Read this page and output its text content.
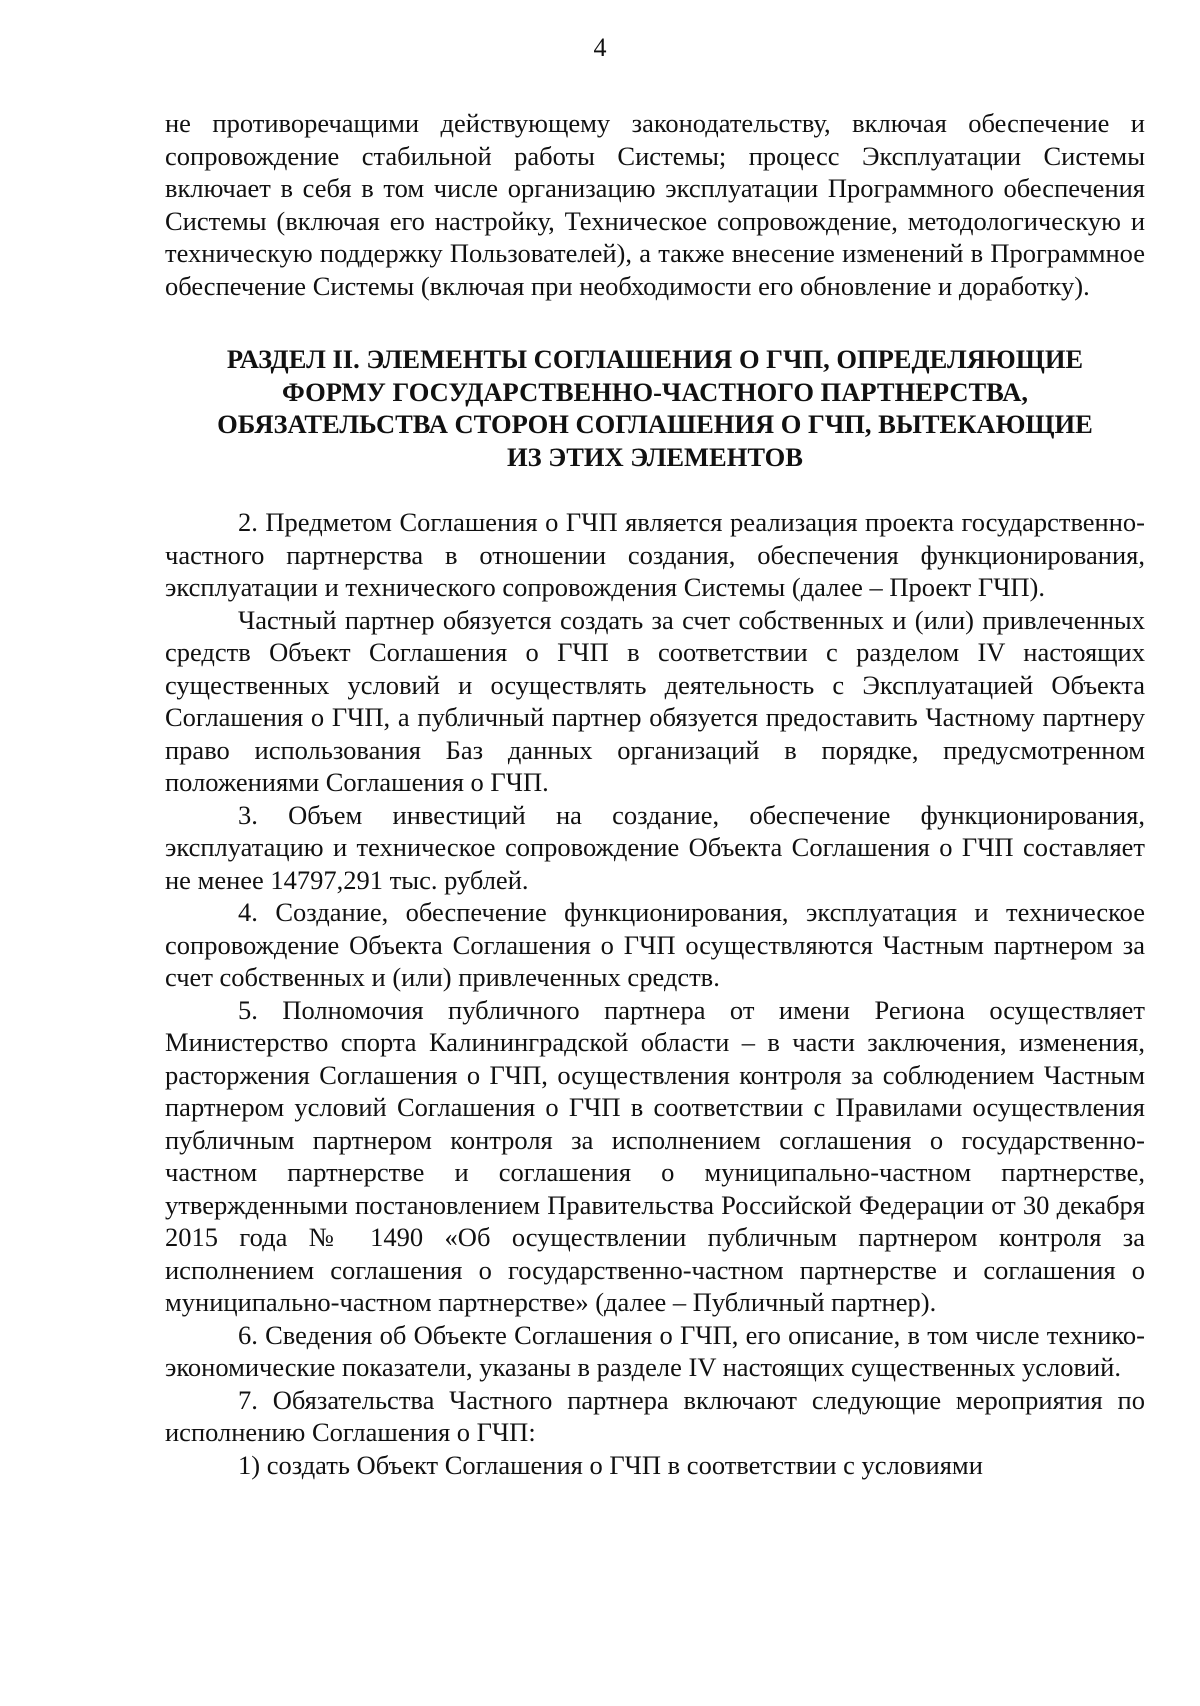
4

не противоречащими действующему законодательству, включая обеспечение и сопровождение стабильной работы Системы; процесс Эксплуатации Системы включает в себя в том числе организацию эксплуатации Программного обеспечения Системы (включая его настройку, Техническое сопровождение, методологическую и техническую поддержку Пользователей), а также внесение изменений в Программное обеспечение Системы (включая при необходимости его обновление и доработку).

РАЗДЕЛ II. ЭЛЕМЕНТЫ СОГЛАШЕНИЯ О ГЧП, ОПРЕДЕЛЯЮЩИЕ
ФОРМУ ГОСУДАРСТВЕННО-ЧАСТНОГО ПАРТНЕРСТВА,
ОБЯЗАТЕЛЬСТВА СТОРОН СОГЛАШЕНИЯ О ГЧП, ВЫТЕКАЮЩИЕ
ИЗ ЭТИХ ЭЛЕМЕНТОВ

2. Предметом Соглашения о ГЧП является реализация проекта государственно-частного партнерства в отношении создания, обеспечения функционирования, эксплуатации и технического сопровождения Системы (далее – Проект ГЧП).

Частный партнер обязуется создать за счет собственных и (или) привлеченных средств Объект Соглашения о ГЧП в соответствии с разделом IV настоящих существенных условий и осуществлять деятельность с Эксплуатацией Объекта Соглашения о ГЧП, а публичный партнер обязуется предоставить Частному партнеру право использования Баз данных организаций в порядке, предусмотренном положениями Соглашения о ГЧП.

3. Объем инвестиций на создание, обеспечение функционирования, эксплуатацию и техническое сопровождение Объекта Соглашения о ГЧП составляет не менее 14797,291 тыс. рублей.

4. Создание, обеспечение функционирования, эксплуатация и техническое сопровождение Объекта Соглашения о ГЧП осуществляются Частным партнером за счет собственных и (или) привлеченных средств.

5. Полномочия публичного партнера от имени Региона осуществляет Министерство спорта Калининградской области – в части заключения, изменения, расторжения Соглашения о ГЧП, осуществления контроля за соблюдением Частным партнером условий Соглашения о ГЧП в соответствии с Правилами осуществления публичным партнером контроля за исполнением соглашения о государственно-частном партнерстве и соглашения о муниципально-частном партнерстве, утвержденными постановлением Правительства Российской Федерации от 30 декабря 2015 года № 1490 «Об осуществлении публичным партнером контроля за исполнением соглашения о государственно-частном партнерстве и соглашения о муниципально-частном партнерстве» (далее – Публичный партнер).

6. Сведения об Объекте Соглашения о ГЧП, его описание, в том числе технико-экономические показатели, указаны в разделе IV настоящих существенных условий.

7. Обязательства Частного партнера включают следующие мероприятия по исполнению Соглашения о ГЧП:

1) создать Объект Соглашения о ГЧП в соответствии с условиями
